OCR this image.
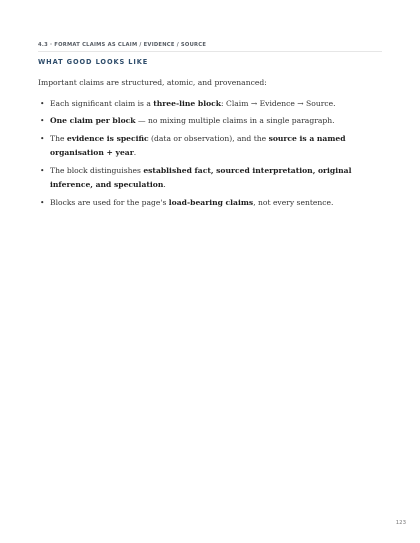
4.3 · FORMAT CLAIMS AS CLAIM / EVIDENCE / SOURCE
WHAT GOOD LOOKS LIKE
Important claims are structured, atomic, and provenanced:
• Each significant claim is a three-line block: Claim → Evidence → Source.
• One claim per block — no mixing multiple claims in a single paragraph.
• The evidence is specific (data or observation), and the source is a named organisation + year.
• The block distinguishes established fact, sourced interpretation, original inference, and speculation.
• Blocks are used for the page's load-bearing claims, not every sentence.
123
